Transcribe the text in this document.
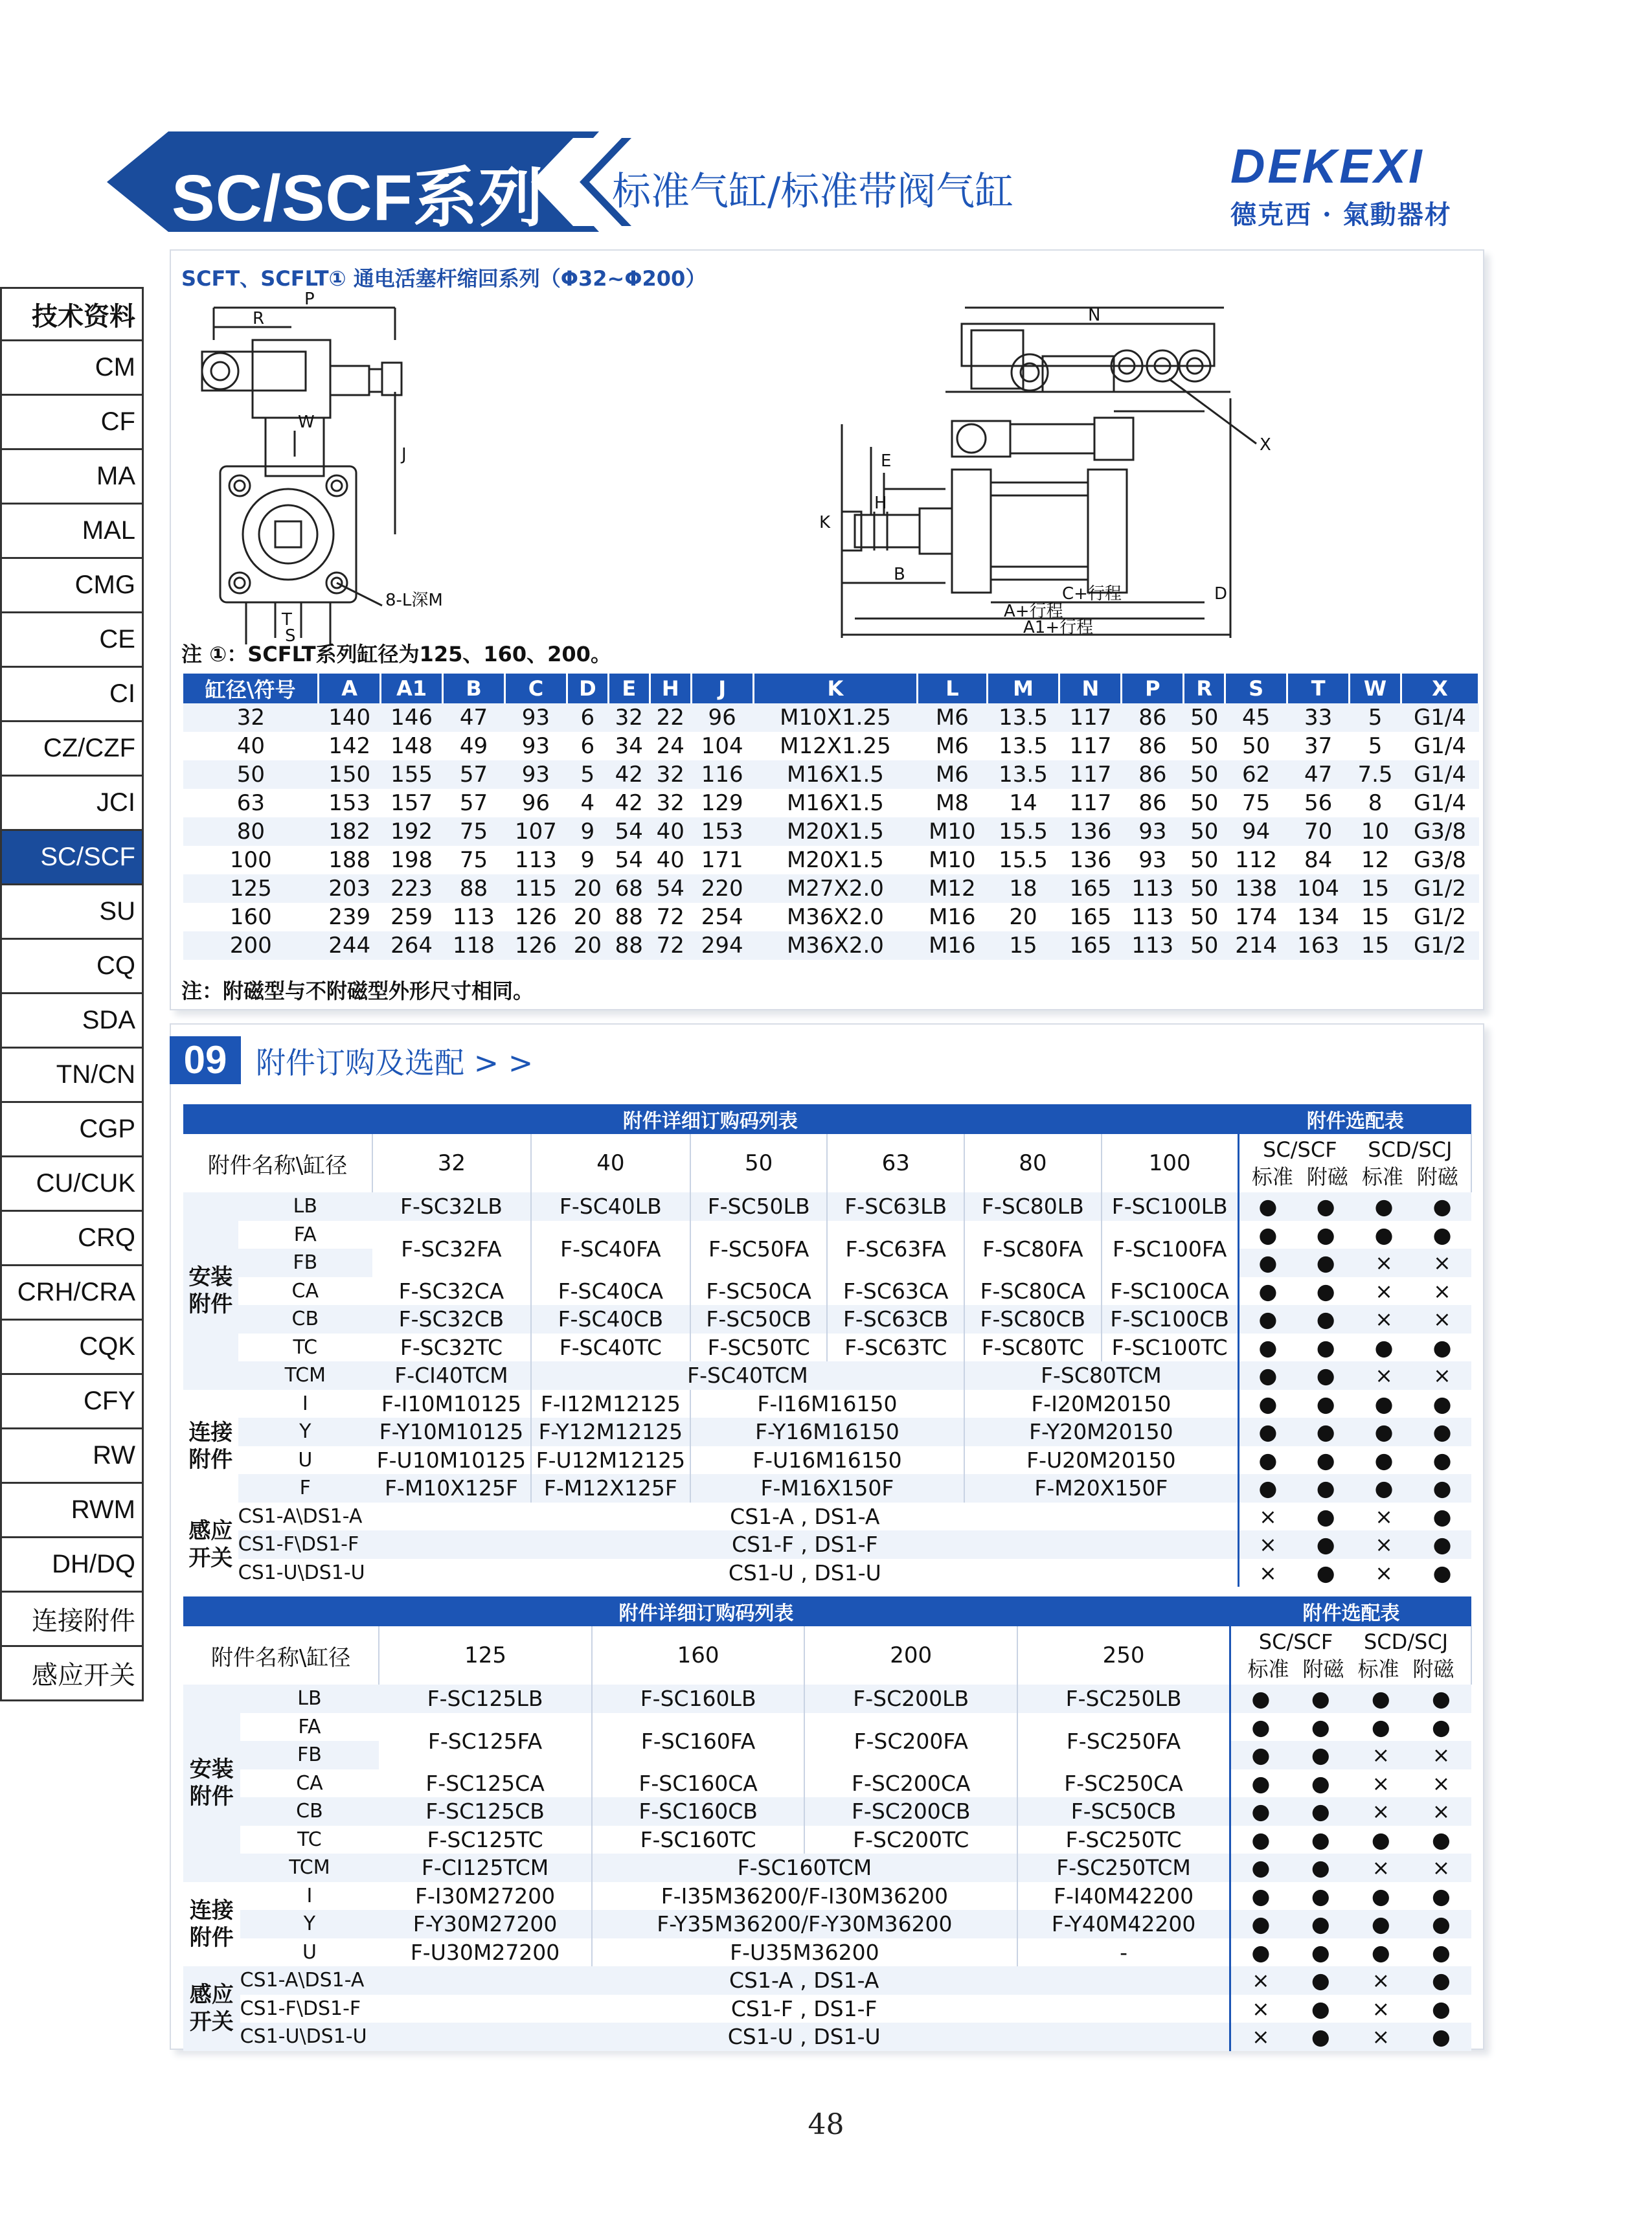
SC/SCF系列 标准气缸/标准带阀气缸	DEKEXI
德克西 · 氣動器材
技术资料
CM
CF
MA
MAL
CMG
CE
CI
CZ/CZF
JCI
SC/SCF
SU
CQ
SDA
TN/CN
CGP
CU/CUK
CRQ
CRH/CRA
CQK
CFY
RW
RWM
DH/DQ
连接附件
感应开关
SCFT、SCFLT① 通电活塞杆缩回系列（Φ32~Φ200）
P
R
W
J
T
S
8-L深M
N
X
E
H
K
B
C+行程
A+行程
A1+行程
D
注 ①：SCFLT系列缸径为125、160、200。
缸径\符号	A	A1	B	C	D	E	H	J	K	L	M	N	P	R	S	T	W	X
32	140	146	47	93	6	32	22	96	M10X1.25	M6	13.5	117	86	50	45	33	5	G1/4
40	142	148	49	93	6	34	24	104	M12X1.25	M6	13.5	117	86	50	50	37	5	G1/4
50	150	155	57	93	5	42	32	116	M16X1.5	M6	13.5	117	86	50	62	47	7.5	G1/4
63	153	157	57	96	4	42	32	129	M16X1.5	M8	14	117	86	50	75	56	8	G1/4
80	182	192	75	107	9	54	40	153	M20X1.5	M10	15.5	136	93	50	94	70	10	G3/8
100	188	198	75	113	9	54	40	171	M20X1.5	M10	15.5	136	93	50	112	84	12	G3/8
125	203	223	88	115	20	68	54	220	M27X2.0	M12	18	165	113	50	138	104	15	G1/2
160	239	259	113	126	20	88	72	254	M36X2.0	M16	20	165	113	50	174	134	15	G1/2
200	244	264	118	126	20	88	72	294	M36X2.0	M16	15	165	113	50	214	163	15	G1/2
注：附磁型与不附磁型外形尺寸相同。
09 附件订购及选配 > >
附件详细订购码列表								附件选配表			
附件名称\缸径		32	40	50	63	80	100	SC/SCF SCD/SCJ
标准 附磁 标准 附磁			

安装
附件	LB	F-SC32LB	F-SC40LB	F-SC50LB	F-SC63LB	F-SC80LB	F-SC100LB	●	●	●	●
	FA	F-SC32FA	F-SC40FA	F-SC50FA	F-SC63FA	F-SC80FA	F-SC100FA	●	●	●	●
	FB							●	●	×	×
	CA	F-SC32CA	F-SC40CA	F-SC50CA	F-SC63CA	F-SC80CA	F-SC100CA	●	●	×	×
	CB	F-SC32CB	F-SC40CB	F-SC50CB	F-SC63CB	F-SC80CB	F-SC100CB	●	●	×	×
	TC	F-SC32TC	F-SC40TC	F-SC50TC	F-SC63TC	F-SC80TC	F-SC100TC	●	●	●	●
	TCM	F-CI40TCM	F-SC40TCM			F-SC80TCM		●	●	×	×
连接
附件	I	F-I10M10125	F-I12M12125	F-I16M16150		F-I20M20150		●	●	●	●
	Y	F-Y10M10125	F-Y12M12125	F-Y16M16150		F-Y20M20150		●	●	●	●
	U	F-U10M10125	F-U12M12125	F-U16M16150		F-U20M20150		●	●	●	●
	F	F-M10X125F	F-M12X125F	F-M16X150F		F-M20X150F		●	●	●	●
感应
开关	CS1-A\DS1-A	CS1-A , DS1-A						×	●	×	●
	CS1-F\DS1-F	CS1-F , DS1-F						×	●	×	●
	CS1-U\DS1-U	CS1-U , DS1-U						×	●	×	●
附件详细订购码列表						附件选配表			
附件名称\缸径		125	160	200	250	SC/SCF SCD/SCJ
标准 附磁 标准 附磁			

安装
附件	LB	F-SC125LB	F-SC160LB	F-SC200LB	F-SC250LB	●	●	●	●
	FA	F-SC125FA	F-SC160FA	F-SC200FA	F-SC250FA	●	●	●	●
	FB					●	●	×	×
	CA	F-SC125CA	F-SC160CA	F-SC200CA	F-SC250CA	●	●	×	×
	CB	F-SC125CB	F-SC160CB	F-SC200CB	F-SC50CB	●	●	×	×
	TC	F-SC125TC	F-SC160TC	F-SC200TC	F-SC250TC	●	●	●	●
	TCM	F-CI125TCM	F-SC160TCM		F-SC250TCM	●	●	×	×
连接
附件	I	F-I30M27200	F-I35M36200/F-I30M36200		F-I40M42200	●	●	●	●
	Y	F-Y30M27200	F-Y35M36200/F-Y30M36200		F-Y40M42200	●	●	●	●
	U	F-U30M27200	F-U35M36200		-	●	●	●	●
感应
开关	CS1-A\DS1-A	CS1-A , DS1-A				×	●	×	●
	CS1-F\DS1-F	CS1-F , DS1-F				×	●	×	●
	CS1-U\DS1-U	CS1-U , DS1-U				×	●	×	●
48
